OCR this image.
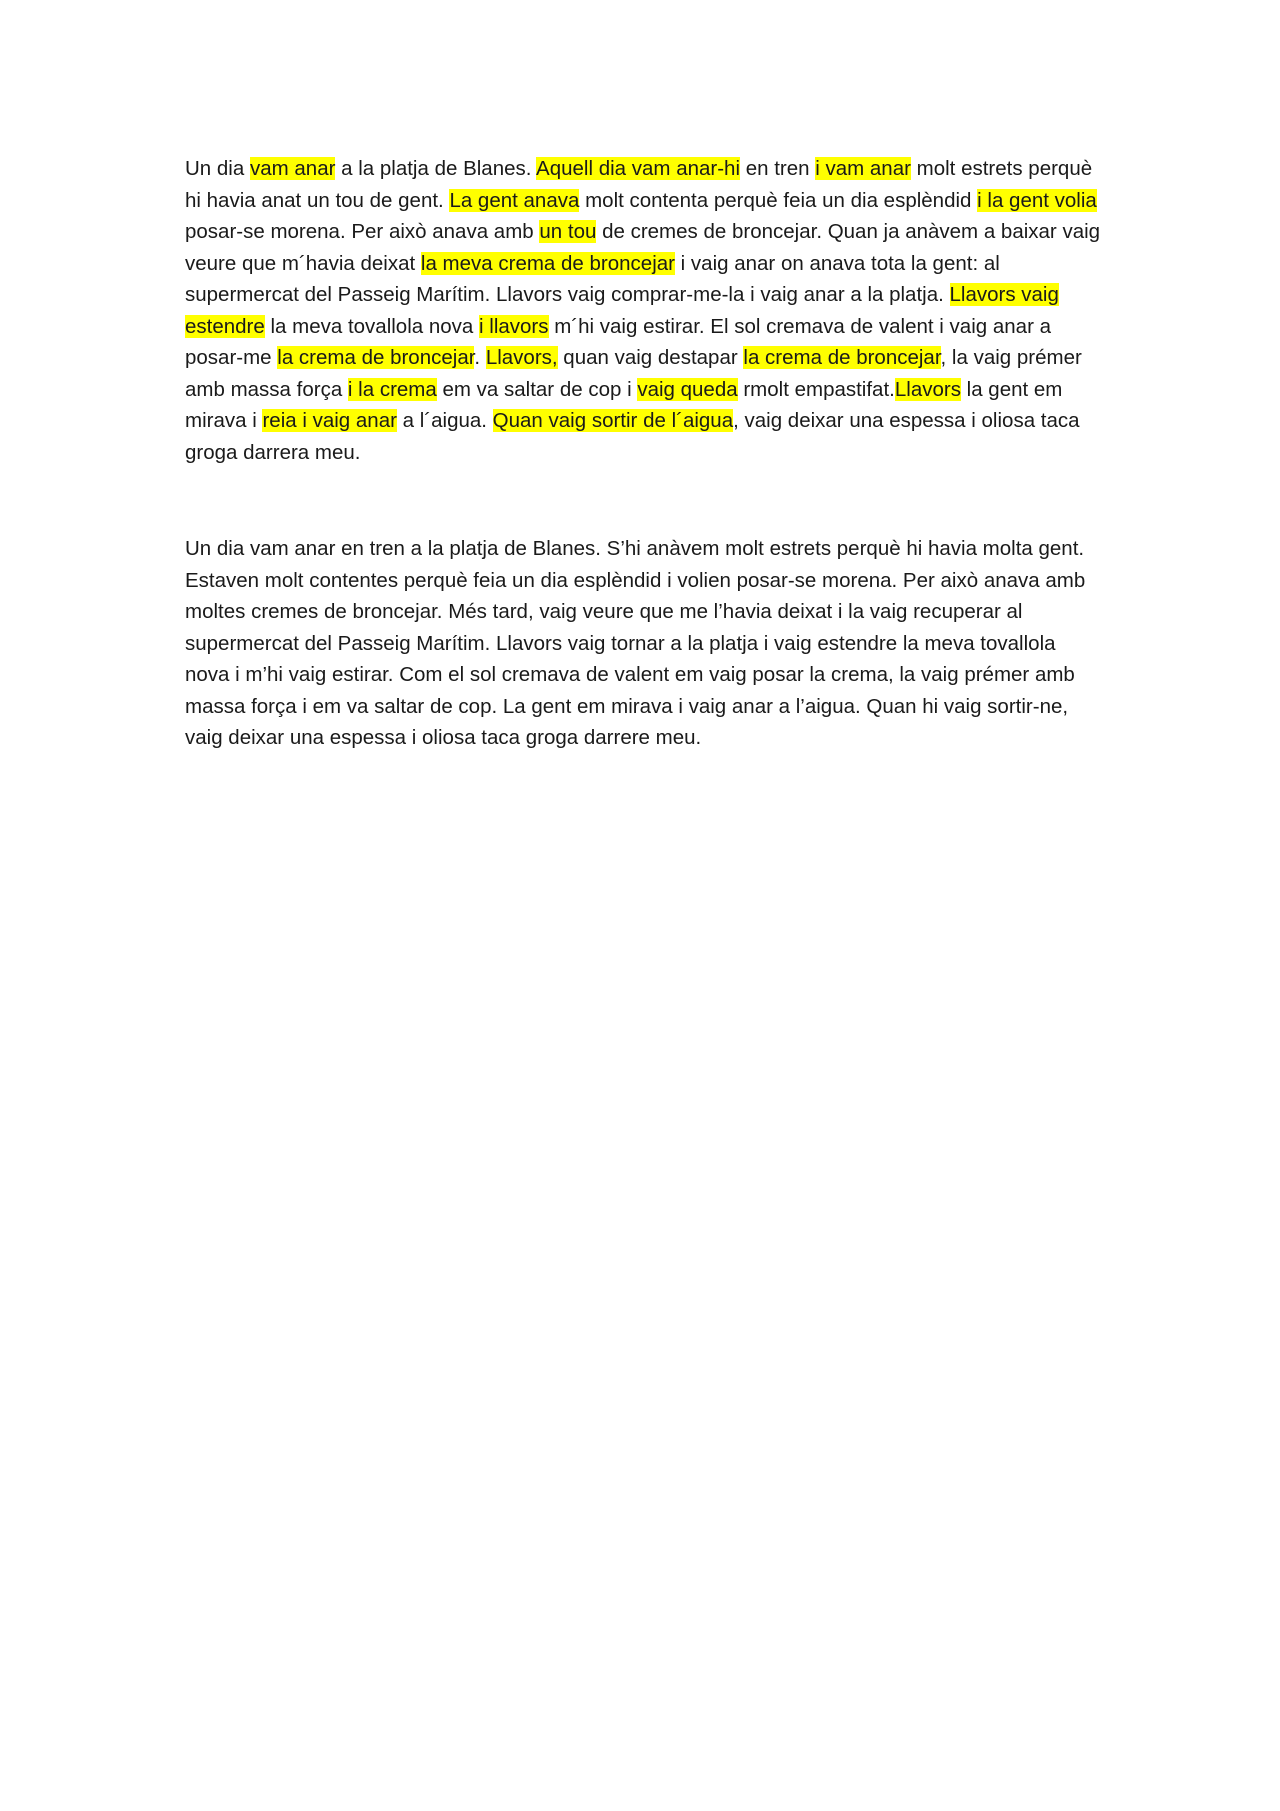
Un dia vam anar a la platja de Blanes. Aquell dia vam anar-hi en tren i vam anar molt estrets perquè hi havia anat un tou de gent. La gent anava molt contenta perquè feia un dia esplèndid i la gent volia posar-se morena. Per això anava amb un tou de cremes de broncejar. Quan ja anàvem a baixar vaig veure que m´havia deixat la meva crema de broncejar i vaig anar on anava tota la gent: al supermercat del Passeig Marítim. Llavors vaig comprar-me-la i vaig anar a la platja. Llavors vaig estendre la meva tovallola nova i llavors m´hi vaig estirar. El sol cremava de valent i vaig anar a posar-me la crema de broncejar. Llavors, quan vaig destapar la crema de broncejar, la vaig prémer amb massa força i la crema em va saltar de cop i vaig queda rmolt empastifat.Llavors la gent em mirava i reia i vaig anar a l´aigua. Quan vaig sortir de l´aigua, vaig deixar una espessa i oliosa taca groga darrera meu.

Un dia vam anar en tren a la platja de Blanes. S’hi anàvem molt estrets perquè hi havia molta gent. Estaven molt contentes perquè feia un dia esplèndid i volien posar-se morena. Per això anava amb moltes cremes de broncejar. Més tard, vaig veure que me l’havia deixat i la vaig recuperar al supermercat del Passeig Marítim. Llavors vaig tornar a la platja i vaig estendre la meva tovallola nova i m’hi vaig estirar. Com el sol cremava de valent em vaig posar la crema, la vaig prémer amb massa força i em va saltar de cop. La gent em mirava i vaig anar a l’aigua. Quan hi vaig sortir-ne, vaig deixar una espessa i oliosa taca groga darrere meu.
